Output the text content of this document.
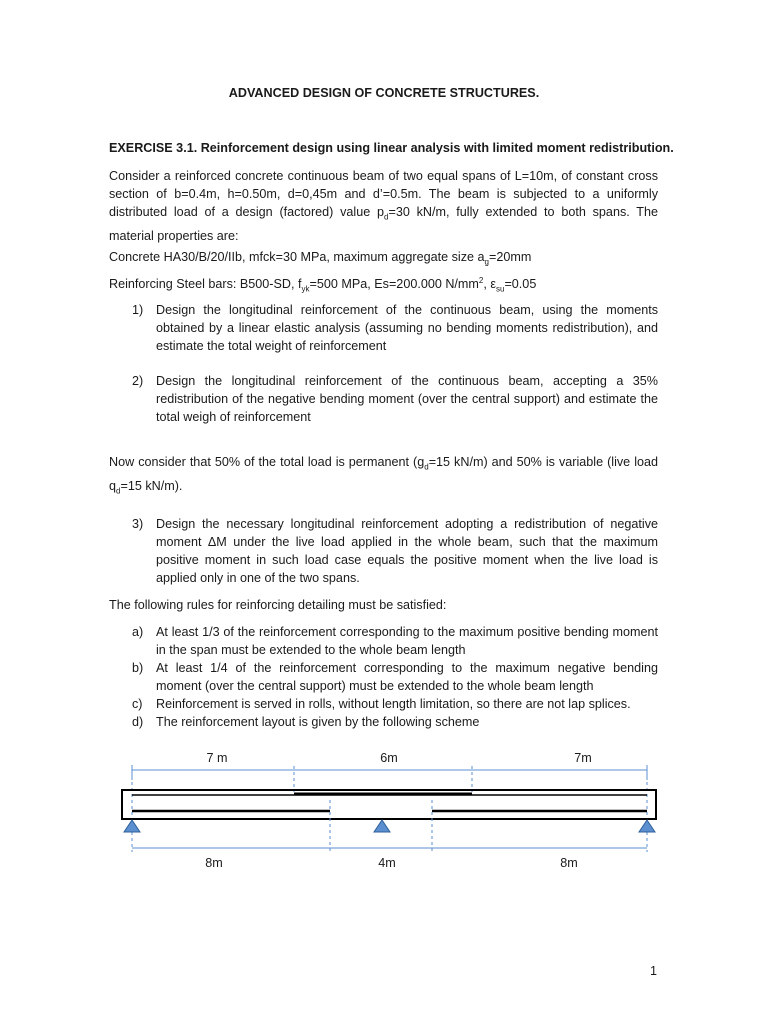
ADVANCED DESIGN OF CONCRETE STRUCTURES.
EXERCISE 3.1. Reinforcement design using linear analysis with limited moment redistribution.

Consider a reinforced concrete continuous beam of two equal spans of L=10m, of constant cross section of b=0.4m, h=0.50m, d=0,45m and d’=0.5m. The beam is subjected to a uniformly distributed load of a design (factored) value $p_d=30$ kN/m, fully extended to both spans. The material properties are:

Concrete HA30/B/20/IIb, mfck=30 MPa, maximum aggregate size $a_g=20mm$
Reinforcing Steel bars: B500-SD, $f_{yk}=500$ MPa, Es=200.000 $N/mm^2$, $\varepsilon_{su}=0.05$
1) Design the longitudinal reinforcement of the continuous beam, using the moments obtained by a linear elastic analysis (assuming no bending moments redistribution), and estimate the total weight of reinforcement
2) Design the longitudinal reinforcement of the continuous beam, accepting a 35% redistribution of the negative bending moment (over the central support) and estimate the total weigh of reinforcement

Now consider that 50% of the total load is permanent ($g_d=15$ kN/m) and 50% is variable (live load $q_d=15$ kN/m).

3) Design the necessary longitudinal reinforcement adopting a redistribution of negative moment ΔM under the live load applied in the whole beam, such that the maximum positive moment in such load case equals the positive moment when the live load is applied only in one of the two spans.

The following rules for reinforcing detailing must be satisfied:

a) At least 1/3 of the reinforcement corresponding to the maximum positive bending moment in the span must be extended to the whole beam length
b) At least 1/4 of the reinforcement corresponding to the maximum negative bending moment (over the central support) must be extended to the whole beam length
c) Reinforcement is served in rolls, without length limitation, so there are not lap splices.
d) The reinforcement layout is given by the following scheme
7 m	6m	7m
8m	4m	8m
1
